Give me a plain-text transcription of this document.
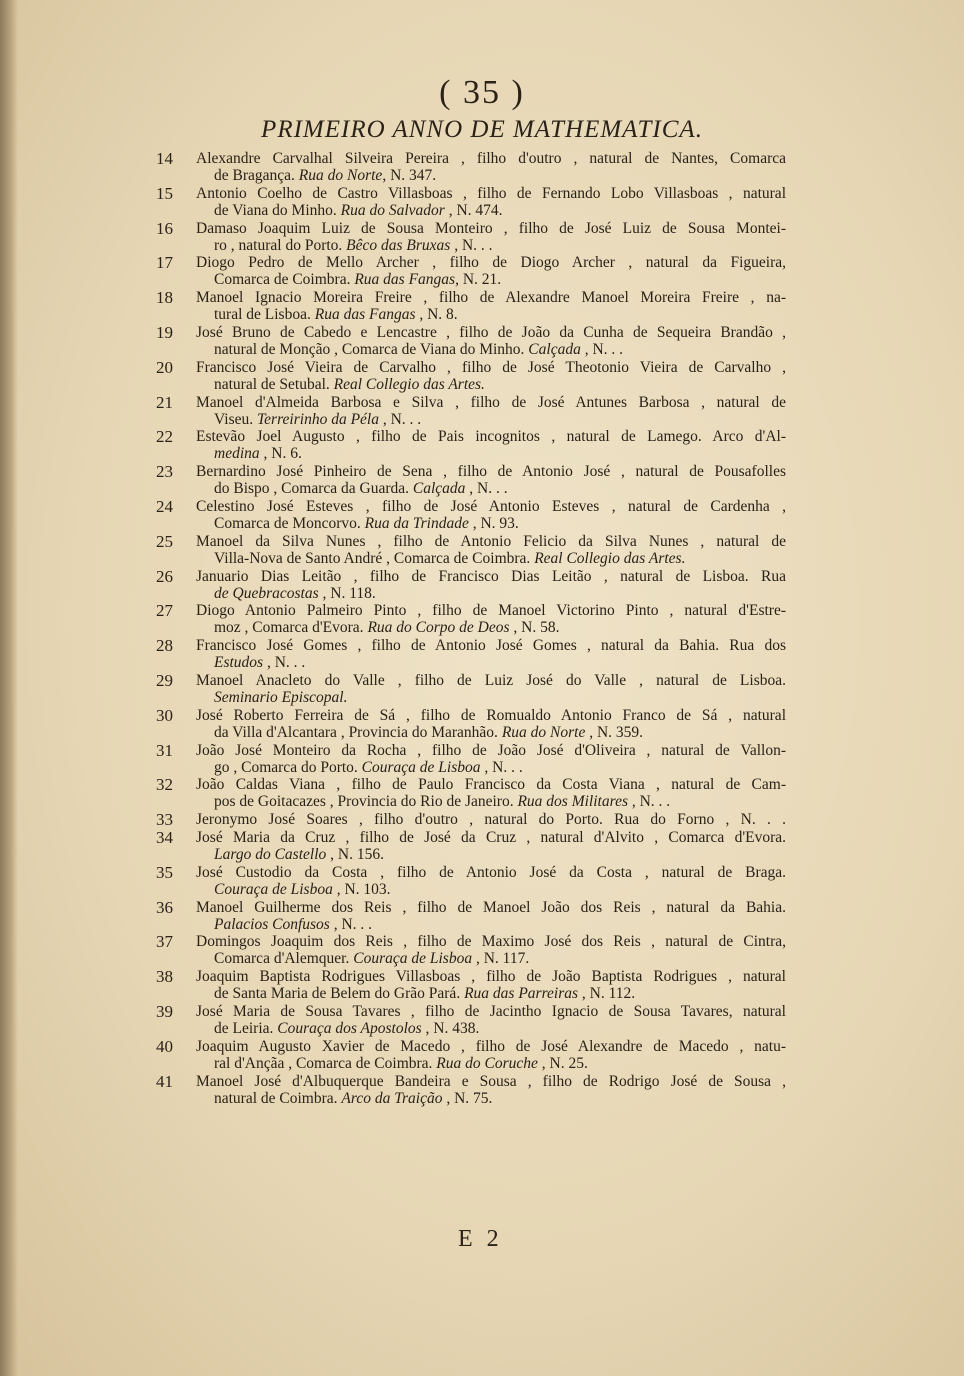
( 35 )
PRIMEIRO ANNO DE MATHEMATICA.
14	Alexandre Carvalhal Silveira Pereira , filho d'outro , natural de Nantes, Comarca
de Bragança. Rua do Norte, N. 347.
15	Antonio Coelho de Castro Villasboas , filho de Fernando Lobo Villasboas , natural
de Viana do Minho. Rua do Salvador , N. 474.
16	Damaso Joaquim Luiz de Sousa Monteiro , filho de José Luiz de Sousa Montei-
ro , natural do Porto. Bêco das Bruxas , N. . .
17	Diogo Pedro de Mello Archer , filho de Diogo Archer , natural da Figueira,
Comarca de Coimbra. Rua das Fangas, N. 21.
18	Manoel Ignacio Moreira Freire , filho de Alexandre Manoel Moreira Freire , na-
tural de Lisboa. Rua das Fangas , N. 8.
19	José Bruno de Cabedo e Lencastre , filho de João da Cunha de Sequeira Brandão ,
natural de Monção , Comarca de Viana do Minho. Calçada , N. . .
20	Francisco José Vieira de Carvalho , filho de José Theotonio Vieira de Carvalho ,
natural de Setubal. Real Collegio das Artes.
21	Manoel d'Almeida Barbosa e Silva , filho de José Antunes Barbosa , natural de
Viseu. Terreirinho da Péla , N. . .
22	Estevão Joel Augusto , filho de Pais incognitos , natural de Lamego. Arco d'Al-
medina , N. 6.
23	Bernardino José Pinheiro de Sena , filho de Antonio José , natural de Pousafolles
do Bispo , Comarca da Guarda. Calçada , N. . .
24	Celestino José Esteves , filho de José Antonio Esteves , natural de Cardenha ,
Comarca de Moncorvo. Rua da Trindade , N. 93.
25	Manoel da Silva Nunes , filho de Antonio Felicio da Silva Nunes , natural de
Villa-Nova de Santo André , Comarca de Coimbra. Real Collegio das Artes.
26	Januario Dias Leitão , filho de Francisco Dias Leitão , natural de Lisboa. Rua
de Quebracostas , N. 118.
27	Diogo Antonio Palmeiro Pinto , filho de Manoel Victorino Pinto , natural d'Estre-
moz , Comarca d'Evora. Rua do Corpo de Deos , N. 58.
28	Francisco José Gomes , filho de Antonio José Gomes , natural da Bahia. Rua dos
Estudos , N. . .
29	Manoel Anacleto do Valle , filho de Luiz José do Valle , natural de Lisboa.
Seminario Episcopal.
30	José Roberto Ferreira de Sá , filho de Romualdo Antonio Franco de Sá , natural
da Villa d'Alcantara , Provincia do Maranhão. Rua do Norte , N. 359.
31	João José Monteiro da Rocha , filho de João José d'Oliveira , natural de Vallon-
go , Comarca do Porto. Couraça de Lisboa , N. . .
32	João Caldas Viana , filho de Paulo Francisco da Costa Viana , natural de Cam-
pos de Goitacazes , Provincia do Rio de Janeiro. Rua dos Militares , N. . .
33	Jeronymo José Soares , filho d'outro , natural do Porto. Rua do Forno , N. . .
34	José Maria da Cruz , filho de José da Cruz , natural d'Alvito , Comarca d'Evora.
Largo do Castello , N. 156.
35	José Custodio da Costa , filho de Antonio José da Costa , natural de Braga.
Couraça de Lisboa , N. 103.
36	Manoel Guilherme dos Reis , filho de Manoel João dos Reis , natural da Bahia.
Palacios Confusos , N. . .
37	Domingos Joaquim dos Reis , filho de Maximo José dos Reis , natural de Cintra,
Comarca d'Alemquer. Couraça de Lisboa , N. 117.
38	Joaquim Baptista Rodrigues Villasboas , filho de João Baptista Rodrigues , natural
de Santa Maria de Belem do Grão Pará. Rua das Parreiras , N. 112.
39	José Maria de Sousa Tavares , filho de Jacintho Ignacio de Sousa Tavares, natural
de Leiria. Couraça dos Apostolos , N. 438.
40	Joaquim Augusto Xavier de Macedo , filho de José Alexandre de Macedo , natu-
ral d'Ançãa , Comarca de Coimbra. Rua do Coruche , N. 25.
41	Manoel José d'Albuquerque Bandeira e Sousa , filho de Rodrigo José de Sousa ,
natural de Coimbra. Arco da Traição , N. 75.
E 2
